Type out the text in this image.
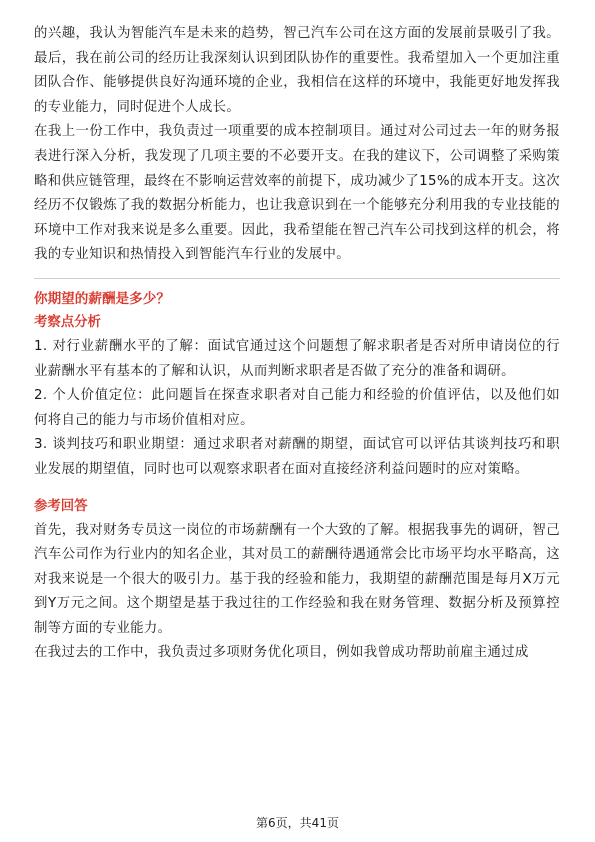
的兴趣，我认为智能汽车是未来的趋势，智己汽车公司在这方面的发展前景吸引了我。最后，我在前公司的经历让我深刻认识到团队协作的重要性。我希望加入一个更加注重团队合作、能够提供良好沟通环境的企业，我相信在这样的环境中，我能更好地发挥我的专业能力，同时促进个人成长。

在我上一份工作中，我负责过一项重要的成本控制项目。通过对公司过去一年的财务报表进行深入分析，我发现了几项主要的不必要开支。在我的建议下，公司调整了采购策略和供应链管理，最终在不影响运营效率的前提下，成功减少了15%的成本开支。这次经历不仅锻炼了我的数据分析能力，也让我意识到在一个能够充分利用我的专业技能的环境中工作对我来说是多么重要。因此，我希望能在智己汽车公司找到这样的机会，将我的专业知识和热情投入到智能汽车行业的发展中。

你期望的薪酬是多少？

考察点分析

1. 对行业薪酬水平的了解：面试官通过这个问题想了解求职者是否对所申请岗位的行业薪酬水平有基本的了解和认识，从而判断求职者是否做了充分的准备和调研。

2. 个人价值定位：此问题旨在探查求职者对自己能力和经验的价值评估，以及他们如何将自己的能力与市场价值相对应。

3. 谈判技巧和职业期望：通过求职者对薪酬的期望，面试官可以评估其谈判技巧和职业发展的期望值，同时也可以观察求职者在面对直接经济利益问题时的应对策略。

参考回答

首先，我对财务专员这一岗位的市场薪酬有一个大致的了解。根据我事先的调研，智己汽车公司作为行业内的知名企业，其对员工的薪酬待遇通常会比市场平均水平略高，这对我来说是一个很大的吸引力。基于我的经验和能力，我期望的薪酬范围是每月X万元到Y万元之间。这个期望是基于我过往的工作经验和我在财务管理、数据分析及预算控制等方面的专业能力。

在我过去的工作中，我负责过多项财务优化项目，例如我曾成功帮助前雇主通过成

第6页，共41页
